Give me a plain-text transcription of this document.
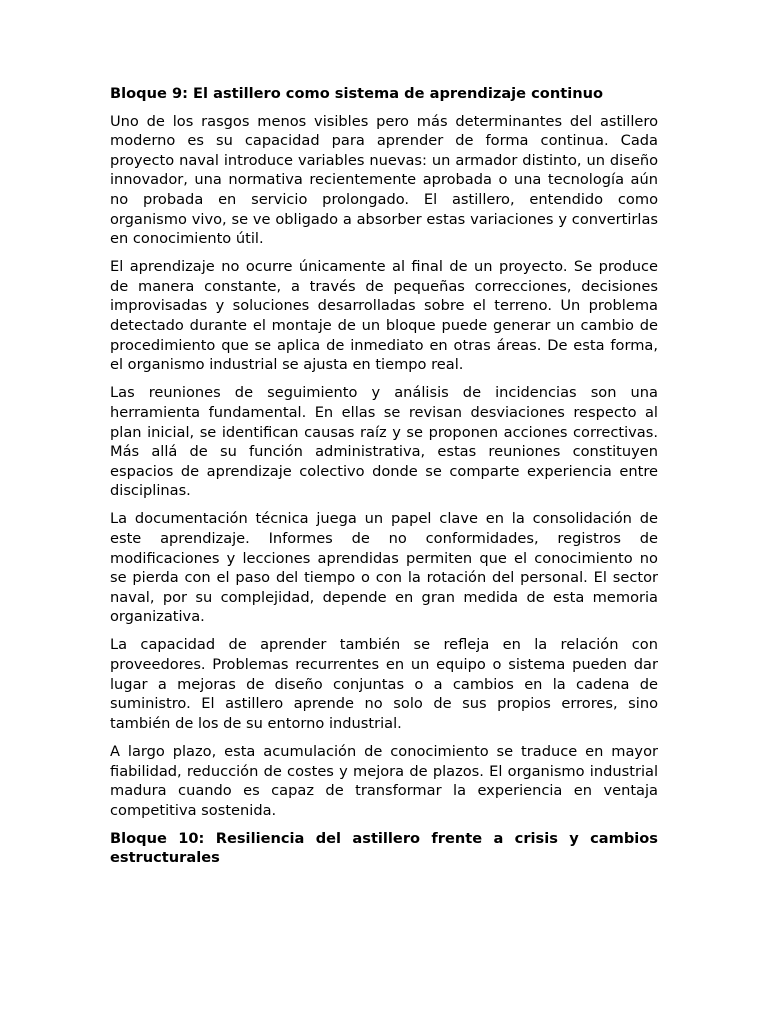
Bloque 9: El astillero como sistema de aprendizaje continuo

Uno de los rasgos menos visibles pero más determinantes del astillero moderno es su capacidad para aprender de forma continua. Cada proyecto naval introduce variables nuevas: un armador distinto, un diseño innovador, una normativa recientemente aprobada o una tecnología aún no probada en servicio prolongado. El astillero, entendido como organismo vivo, se ve obligado a absorber estas variaciones y convertirlas en conocimiento útil.

El aprendizaje no ocurre únicamente al final de un proyecto. Se produce de manera constante, a través de pequeñas correcciones, decisiones improvisadas y soluciones desarrolladas sobre el terreno. Un problema detectado durante el montaje de un bloque puede generar un cambio de procedimiento que se aplica de inmediato en otras áreas. De esta forma, el organismo industrial se ajusta en tiempo real.

Las reuniones de seguimiento y análisis de incidencias son una herramienta fundamental. En ellas se revisan desviaciones respecto al plan inicial, se identifican causas raíz y se proponen acciones correctivas. Más allá de su función administrativa, estas reuniones constituyen espacios de aprendizaje colectivo donde se comparte experiencia entre disciplinas.

La documentación técnica juega un papel clave en la consolidación de este aprendizaje. Informes de no conformidades, registros de modificaciones y lecciones aprendidas permiten que el conocimiento no se pierda con el paso del tiempo o con la rotación del personal. El sector naval, por su complejidad, depende en gran medida de esta memoria organizativa.

La capacidad de aprender también se refleja en la relación con proveedores. Problemas recurrentes en un equipo o sistema pueden dar lugar a mejoras de diseño conjuntas o a cambios en la cadena de suministro. El astillero aprende no solo de sus propios errores, sino también de los de su entorno industrial.

A largo plazo, esta acumulación de conocimiento se traduce en mayor fiabilidad, reducción de costes y mejora de plazos. El organismo industrial madura cuando es capaz de transformar la experiencia en ventaja competitiva sostenida.

Bloque 10: Resiliencia del astillero frente a crisis y cambios estructurales
